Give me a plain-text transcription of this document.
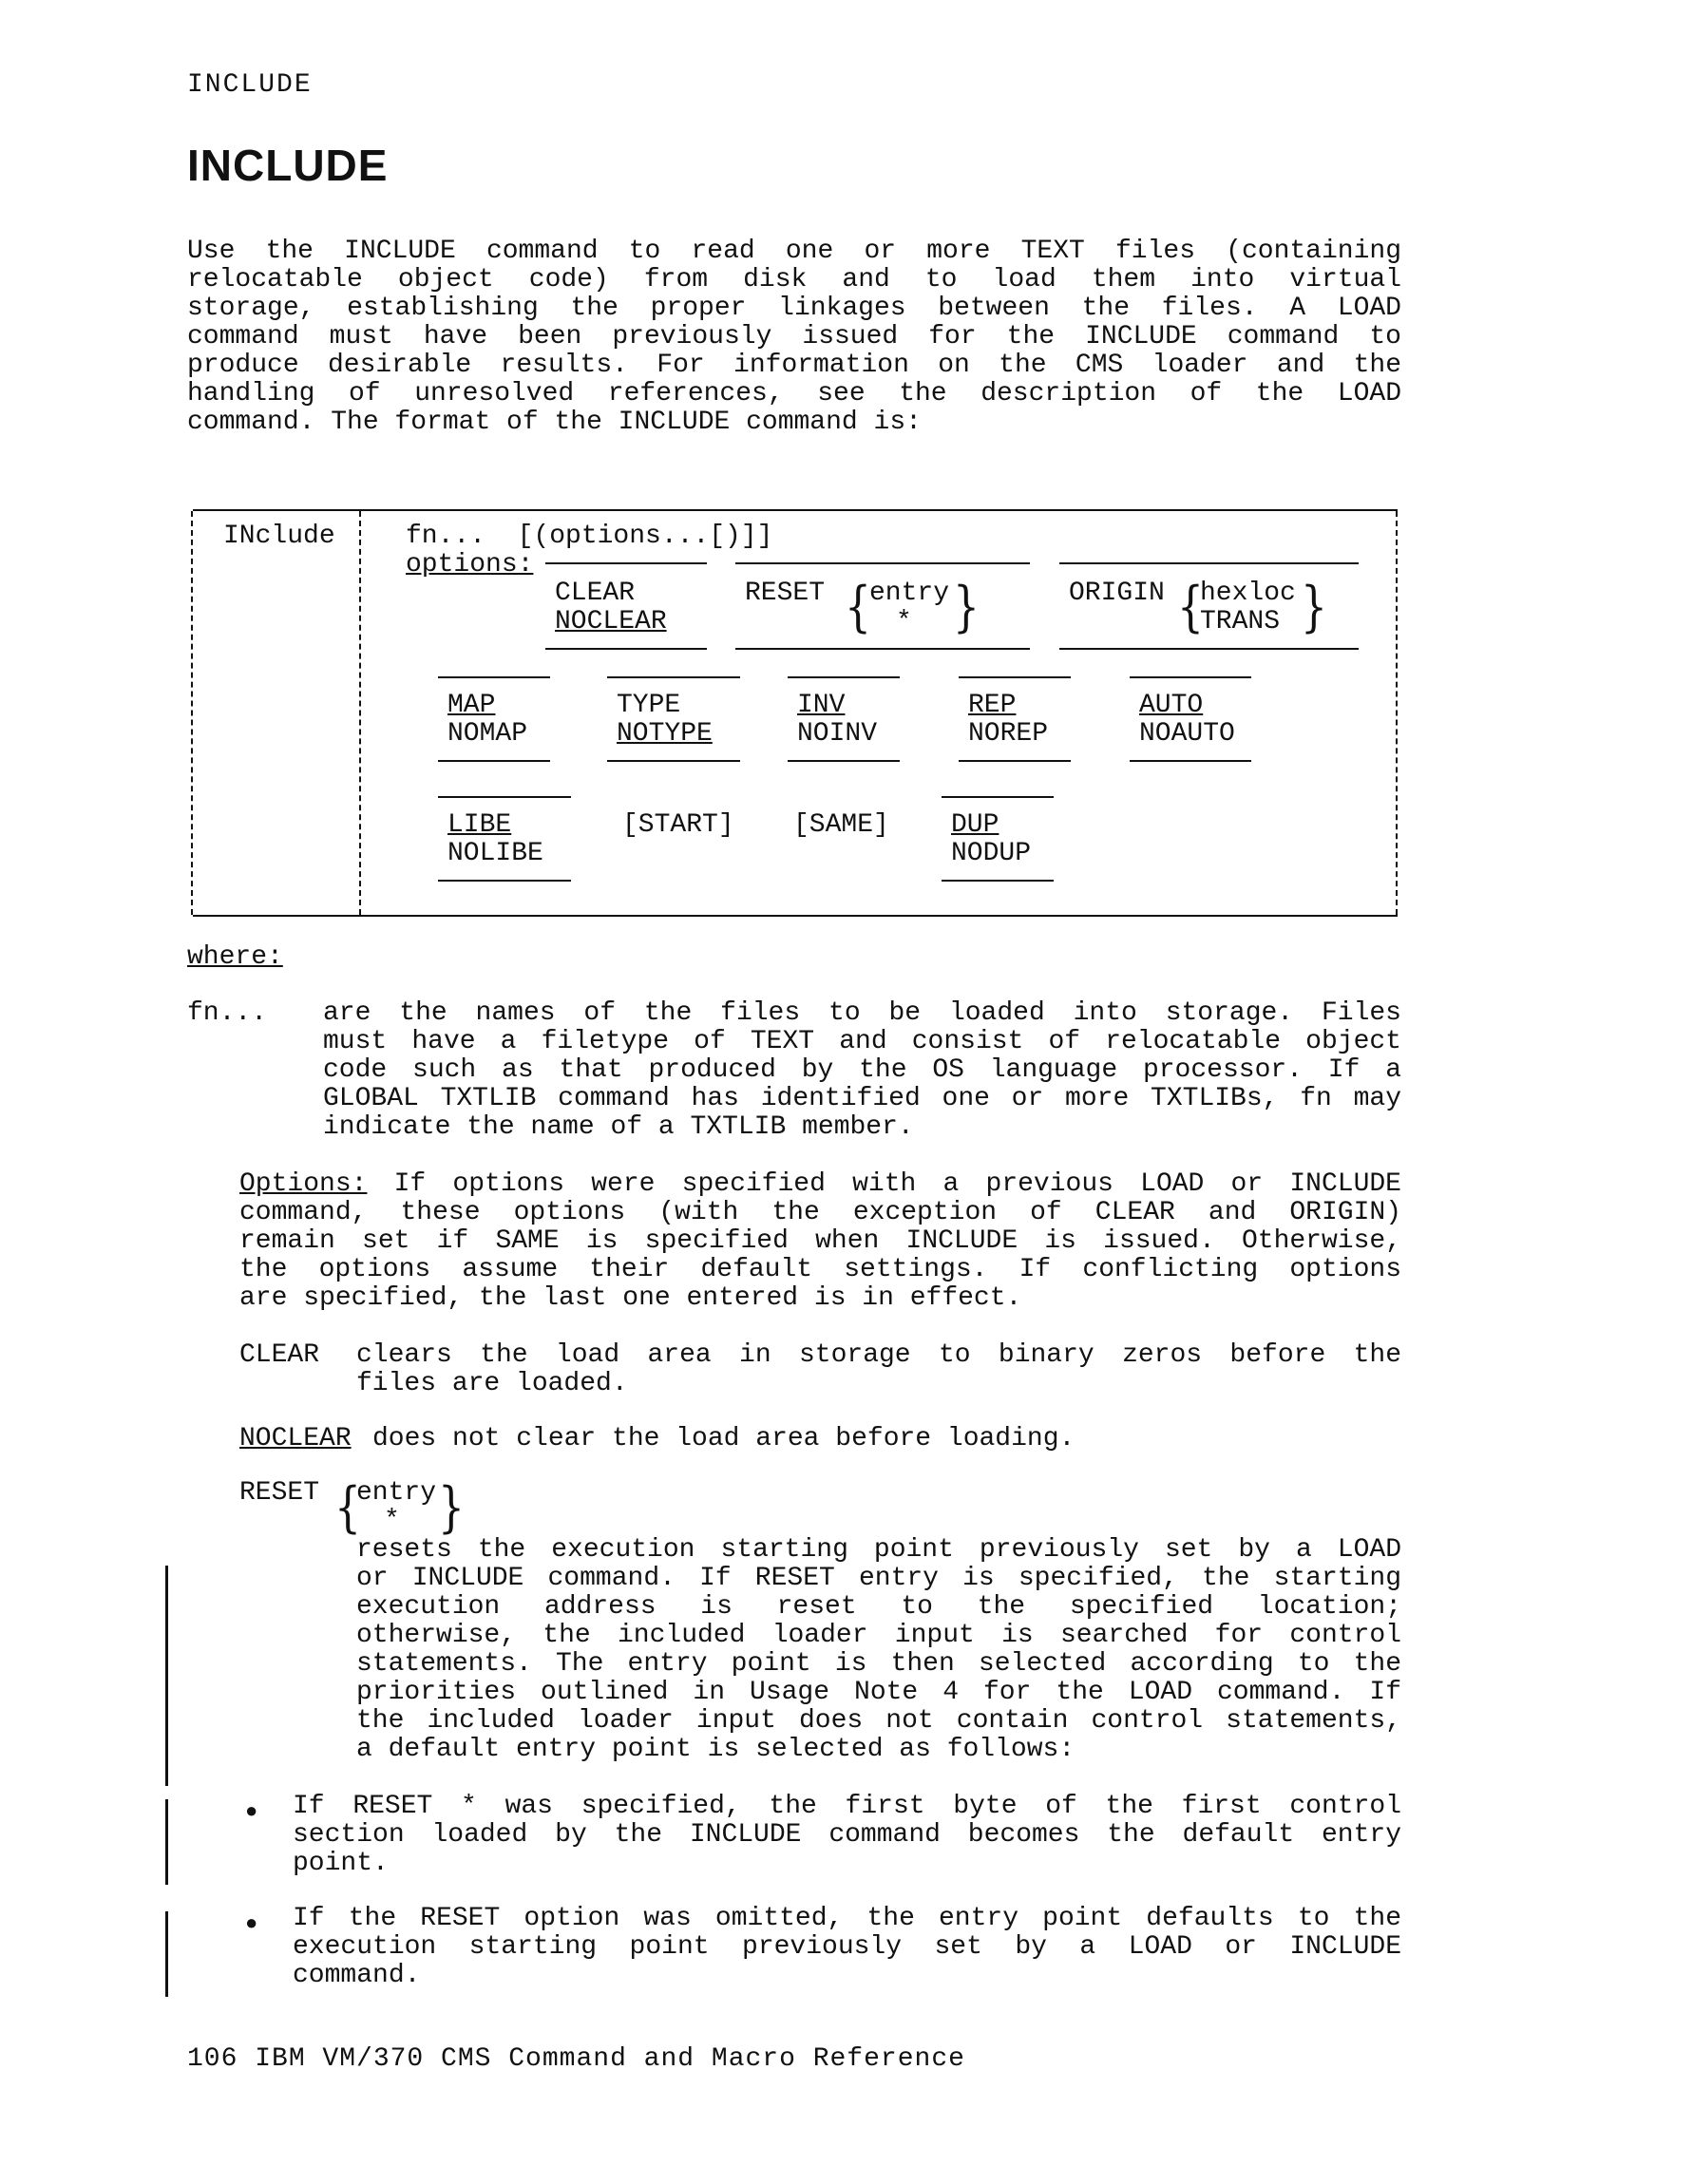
INCLUDE
INCLUDE
Use the INCLUDE command to read one or more TEXT files (containing
relocatable object code) from disk and to load them into virtual
storage, establishing the proper linkages between the files. A LOAD
command must have been previously issued for the INCLUDE command to
produce desirable results. For information on the CMS loader and the
handling of unresolved references, see the description of the LOAD
command. The format of the INCLUDE command is:
INclude	fn...  [(options...[)]]
options:
CLEAR
NOCLEAR
RESET {
entry
* }	ORIGIN {
hexloc
TRANS }
MAP
NOMAP
TYPE
NOTYPE
INV
NOINV
REP
NOREP
AUTO
NOAUTO
LIBE
NOLIBE
[START] [SAME] DUP
NODUP
where:
fn... are the names of the files to be loaded into storage. Files
must have a filetype of TEXT and consist of relocatable object
code such as that produced by the OS language processor. If a
GLOBAL TXTLIB command has identified one or more TXTLIBs, fn may
indicate the name of a TXTLIB member.
Options: If options were specified with a previous LOAD or INCLUDE
command, these options (with the exception of CLEAR and ORIGIN)
remain set if SAME is specified when INCLUDE is issued. Otherwise,
the options assume their default settings. If conflicting options
are specified, the last one entered is in effect.
CLEAR clears the load area in storage to binary zeros before the
files are loaded.
NOCLEAR does not clear the load area before loading.
RESET {
entry
* }
resets the execution starting point previously set by a LOAD
or INCLUDE command. If RESET entry is specified, the starting
execution address is reset to the specified location;
otherwise, the included loader input is searched for control
statements. The entry point is then selected according to the
priorities outlined in Usage Note 4 for the LOAD command. If
the included loader input does not contain control statements,
a default entry point is selected as follows:
● If RESET * was specified, the first byte of the first control
section loaded by the INCLUDE command becomes the default entry
point.
● If the RESET option was omitted, the entry point defaults to the
execution starting point previously set by a LOAD or INCLUDE
command.
106 IBM VM/370 CMS Command and Macro Reference
